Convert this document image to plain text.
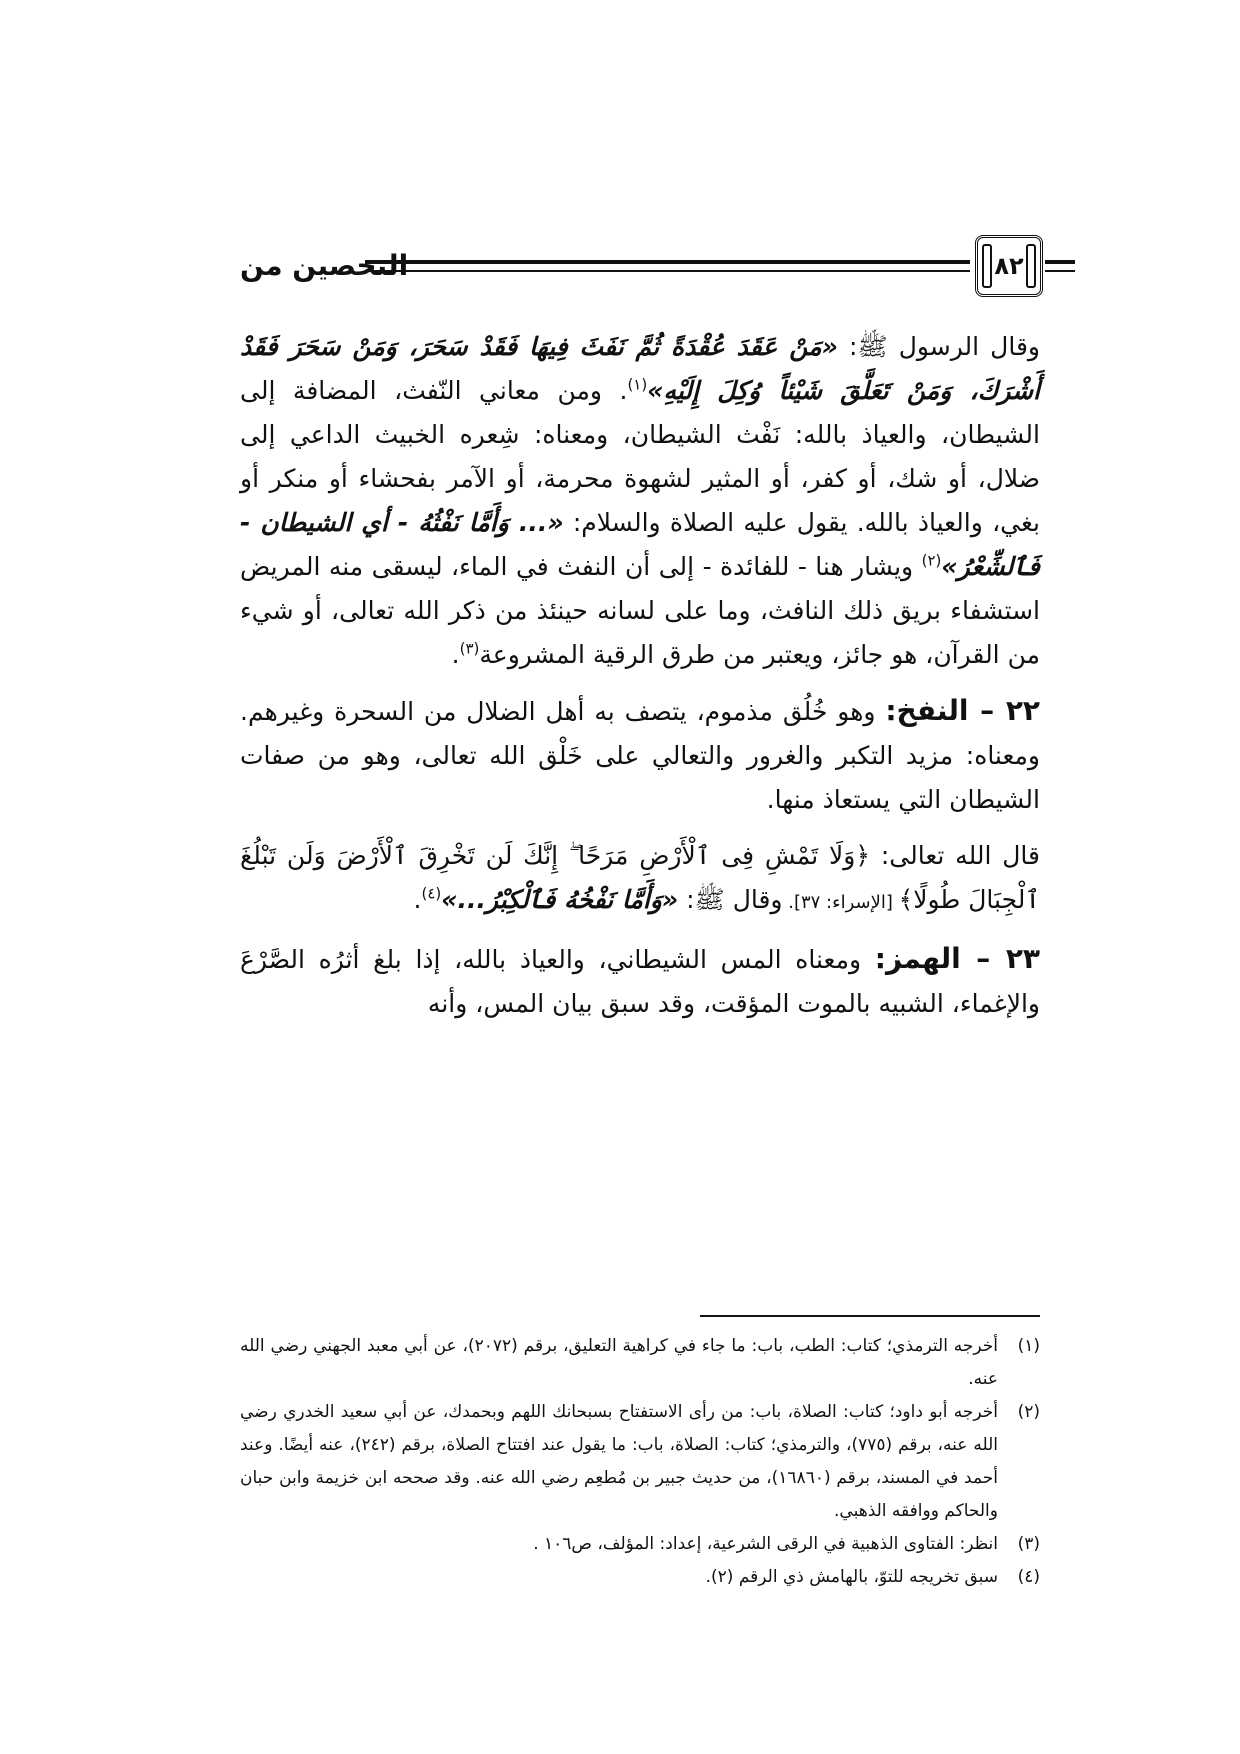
التحصين من	٨٢

وقال الرسول ﷺ: «مَنْ عَقَدَ عُقْدَةً ثُمَّ نَفَثَ فِيهَا فَقَدْ سَحَرَ، وَمَنْ سَحَرَ فَقَدْ أَشْرَكَ، وَمَنْ تَعَلَّقَ شَيْئاً وُكِلَ إِلَيْهِ»$^{(١)}$. ومن معاني النّفث، المضافة إلى الشيطان، والعياذ بالله: نَفْث الشيطان، ومعناه: شِعره الخبيث الداعي إلى ضلال، أو شك، أو كفر، أو المثير لشهوة محرمة، أو الآمر بفحشاء أو منكر أو بغي، والعياذ بالله. يقول عليه الصلاة والسلام: «... وَأَمَّا نَفْثُهُ - أي الشيطان - فَٱلشِّعْرُ»$^{(٢)}$ ويشار هنا - للفائدة - إلى أن النفث في الماء، ليسقى منه المريض استشفاء بريق ذلك النافث، وما على لسانه حينئذ من ذكر الله تعالى، أو شيء من القرآن، هو جائز، ويعتبر من طرق الرقية المشروعة$^{(٣)}$.

٢٢ – النفخ: وهو خُلُق مذموم، يتصف به أهل الضلال من السحرة وغيرهم. ومعناه: مزيد التكبر والغرور والتعالي على خَلْق الله تعالى، وهو من صفات الشيطان التي يستعاذ منها.

قال الله تعالى: ﴿وَلَا تَمْشِ فِى ٱلْأَرْضِ مَرَحًا ۖ إِنَّكَ لَن تَخْرِقَ ٱلْأَرْضَ وَلَن تَبْلُغَ ٱلْجِبَالَ طُولًا﴾ [الإسراء: ٣٧]. وقال ﷺ: «وَأَمَّا نَفْخُهُ فَٱلْكِبْرُ...»$^{(٤)}$.

٢٣ – الهمز: ومعناه المس الشيطاني، والعياذ بالله، إذا بلغ أثرُه الصَّرْعَ والإغماء، الشبيه بالموت المؤقت، وقد سبق بيان المس، وأنه

(١)
أخرجه الترمذي؛ كتاب: الطب، باب: ما جاء في كراهية التعليق، برقم (٢٠٧٢)، عن أبي معبد الجهني رضي الله عنه.
(٢)
أخرجه أبو داود؛ كتاب: الصلاة، باب: من رأى الاستفتاح بسبحانك اللهم وبحمدك، عن أبي سعيد الخدري رضي الله عنه، برقم (٧٧٥)، والترمذي؛ كتاب: الصلاة، باب: ما يقول عند افتتاح الصلاة، برقم (٢٤٢)، عنه أيضًا. وعند أحمد في المسند، برقم (١٦٨٦٠)، من حديث جبير بن مُطعِم رضي الله عنه. وقد صححه ابن خزيمة وابن حبان والحاكم ووافقه الذهبي.
(٣)
انظر: الفتاوى الذهبية في الرقى الشرعية، إعداد: المؤلف، ص١٠٦ .
(٤)
سبق تخريجه للتوّ، بالهامش ذي الرقم (٢).
